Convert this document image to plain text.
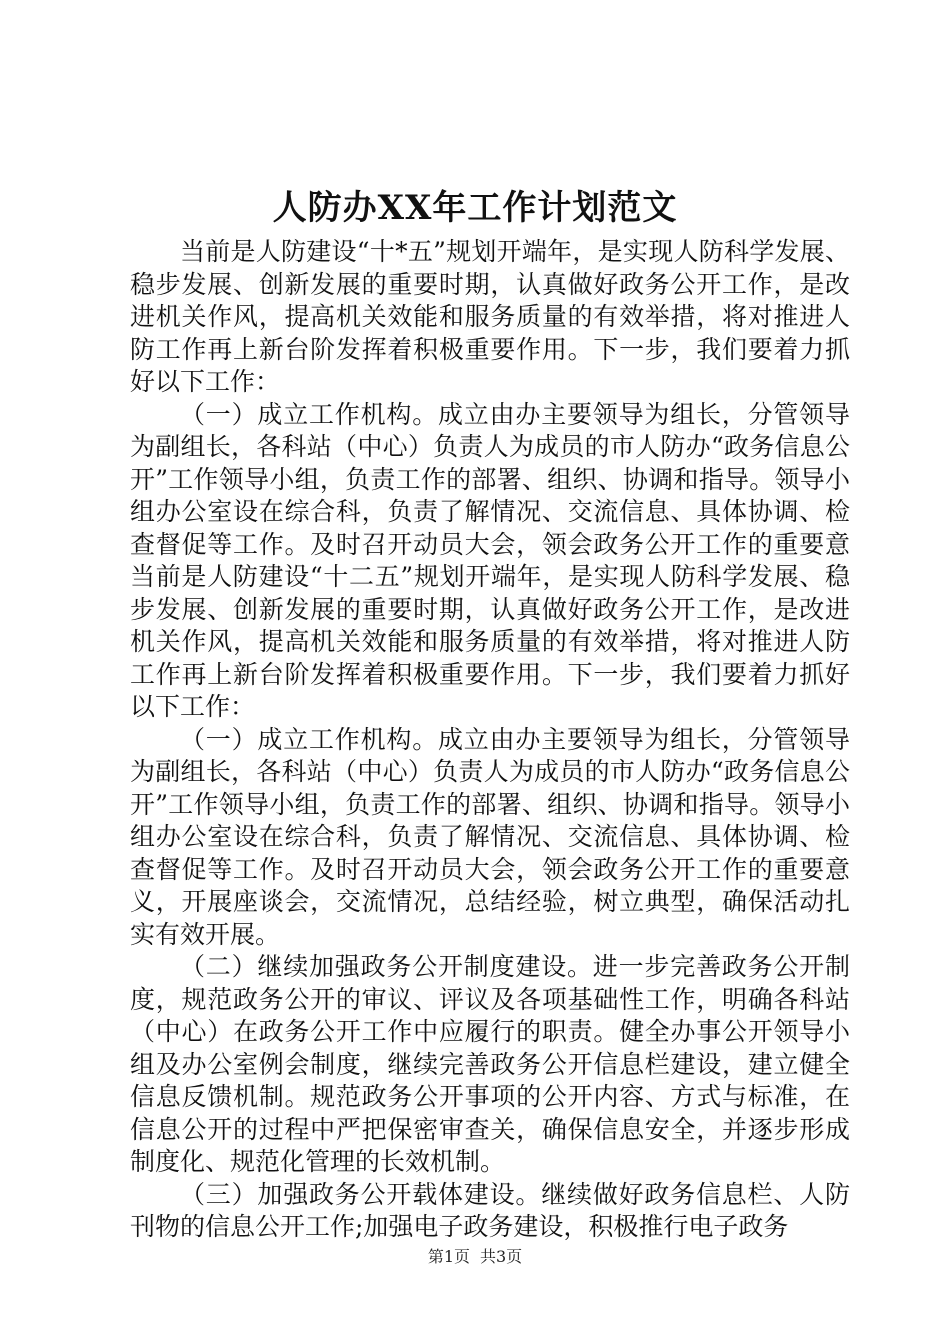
人防办XX年工作计划范文

当前是人防建设“十*五”规划开端年，是实现人防科学发展、稳步发展、创新发展的重要时期，认真做好政务公开工作，是改进机关作风，提高机关效能和服务质量的有效举措，将对推进人防工作再上新台阶发挥着积极重要作用。下一步，我们要着力抓好以下工作：

（一）成立工作机构。成立由办主要领导为组长，分管领导为副组长，各科站（中心）负责人为成员的市人防办“政务信息公开”工作领导小组，负责工作的部署、组织、协调和指导。领导小组办公室设在综合科，负责了解情况、交流信息、具体协调、检查督促等工作。及时召开动员大会，领会政务公开工作的重要意当前是人防建设“十二五”规划开端年，是实现人防科学发展、稳步发展、创新发展的重要时期，认真做好政务公开工作，是改进机关作风，提高机关效能和服务质量的有效举措，将对推进人防工作再上新台阶发挥着积极重要作用。下一步，我们要着力抓好以下工作：

（一）成立工作机构。成立由办主要领导为组长，分管领导为副组长，各科站（中心）负责人为成员的市人防办“政务信息公开”工作领导小组，负责工作的部署、组织、协调和指导。领导小组办公室设在综合科，负责了解情况、交流信息、具体协调、检查督促等工作。及时召开动员大会，领会政务公开工作的重要意义，开展座谈会，交流情况，总结经验，树立典型，确保活动扎实有效开展。

（二）继续加强政务公开制度建设。进一步完善政务公开制度，规范政务公开的审议、评议及各项基础性工作，明确各科站（中心）在政务公开工作中应履行的职责。健全办事公开领导小组及办公室例会制度，继续完善政务公开信息栏建设，建立健全信息反馈机制。规范政务公开事项的公开内容、方式与标准，在信息公开的过程中严把保密审查关，确保信息安全，并逐步形成制度化、规范化管理的长效机制。

（三）加强政务公开载体建设。继续做好政务信息栏、人防刊物的信息公开工作;加强电子政务建设，积极推行电子政务

第1页 共3页
